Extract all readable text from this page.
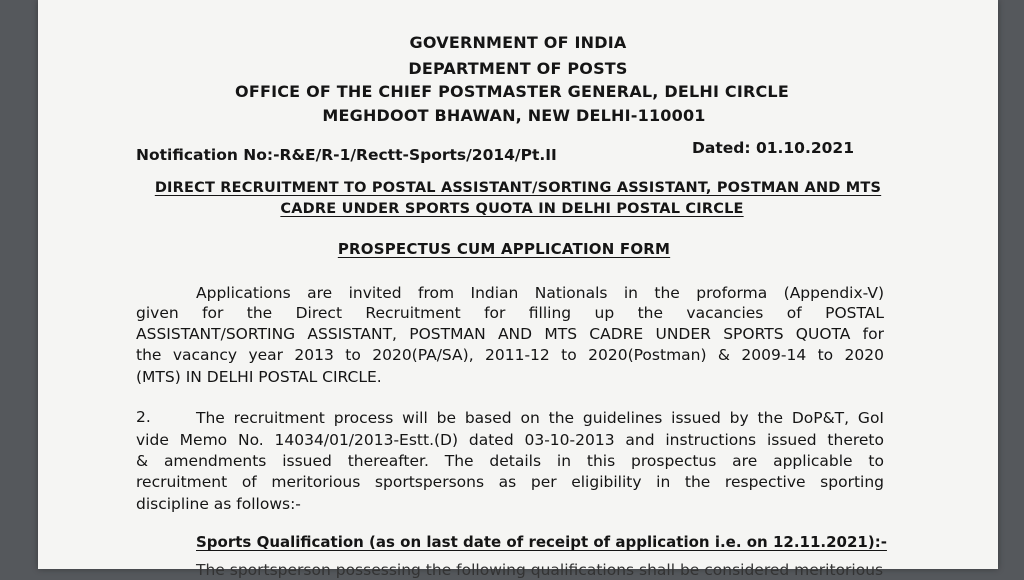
GOVERNMENT OF INDIA
DEPARTMENT OF POSTS
OFFICE OF THE CHIEF POSTMASTER GENERAL, DELHI CIRCLE
MEGHDOOT BHAWAN, NEW DELHI-110001
Notification No:-R&E/R-1/Rectt-Sports/2014/Pt.II	Dated: 01.10.2021
DIRECT RECRUITMENT TO POSTAL ASSISTANT/SORTING ASSISTANT, POSTMAN AND MTS
CADRE UNDER SPORTS QUOTA IN DELHI POSTAL CIRCLE
PROSPECTUS CUM APPLICATION FORM
Applications are invited from Indian Nationals in the proforma (Appendix-V)
given for the Direct Recruitment for filling up the vacancies of POSTAL
ASSISTANT/SORTING ASSISTANT, POSTMAN AND MTS CADRE UNDER SPORTS QUOTA for
the vacancy year 2013 to 2020(PA/SA), 2011-12 to 2020(Postman) & 2009-14 to 2020
(MTS) IN DELHI POSTAL CIRCLE.
2.	The recruitment process will be based on the guidelines issued by the DoP&T, GoI
vide Memo No. 14034/01/2013-Estt.(D) dated 03-10-2013 and instructions issued thereto
& amendments issued thereafter. The details in this prospectus are applicable to
recruitment of meritorious sportspersons as per eligibility in the respective sporting
discipline as follows:-
Sports Qualification (as on last date of receipt of application i.e. on 12.11.2021):-
The sportsperson possessing the following qualifications shall be considered meritorious
